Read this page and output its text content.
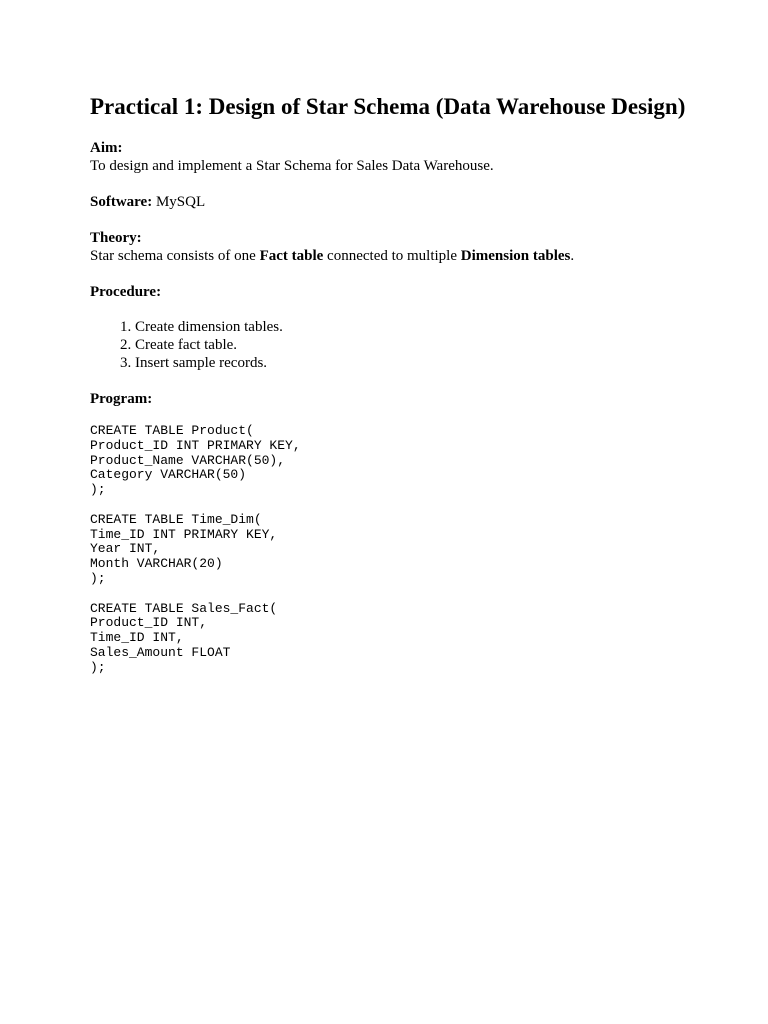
Practical 1: Design of Star Schema (Data Warehouse Design)
Aim:
To design and implement a Star Schema for Sales Data Warehouse.
Software: MySQL
Theory:
Star schema consists of one Fact table connected to multiple Dimension tables.
Procedure:
1. Create dimension tables.
2. Create fact table.
3. Insert sample records.
Program:
CREATE TABLE Product(
Product_ID INT PRIMARY KEY,
Product_Name VARCHAR(50),
Category VARCHAR(50)
);
CREATE TABLE Time_Dim(
Time_ID INT PRIMARY KEY,
Year INT,
Month VARCHAR(20)
);
CREATE TABLE Sales_Fact(
Product_ID INT,
Time_ID INT,
Sales_Amount FLOAT
);
